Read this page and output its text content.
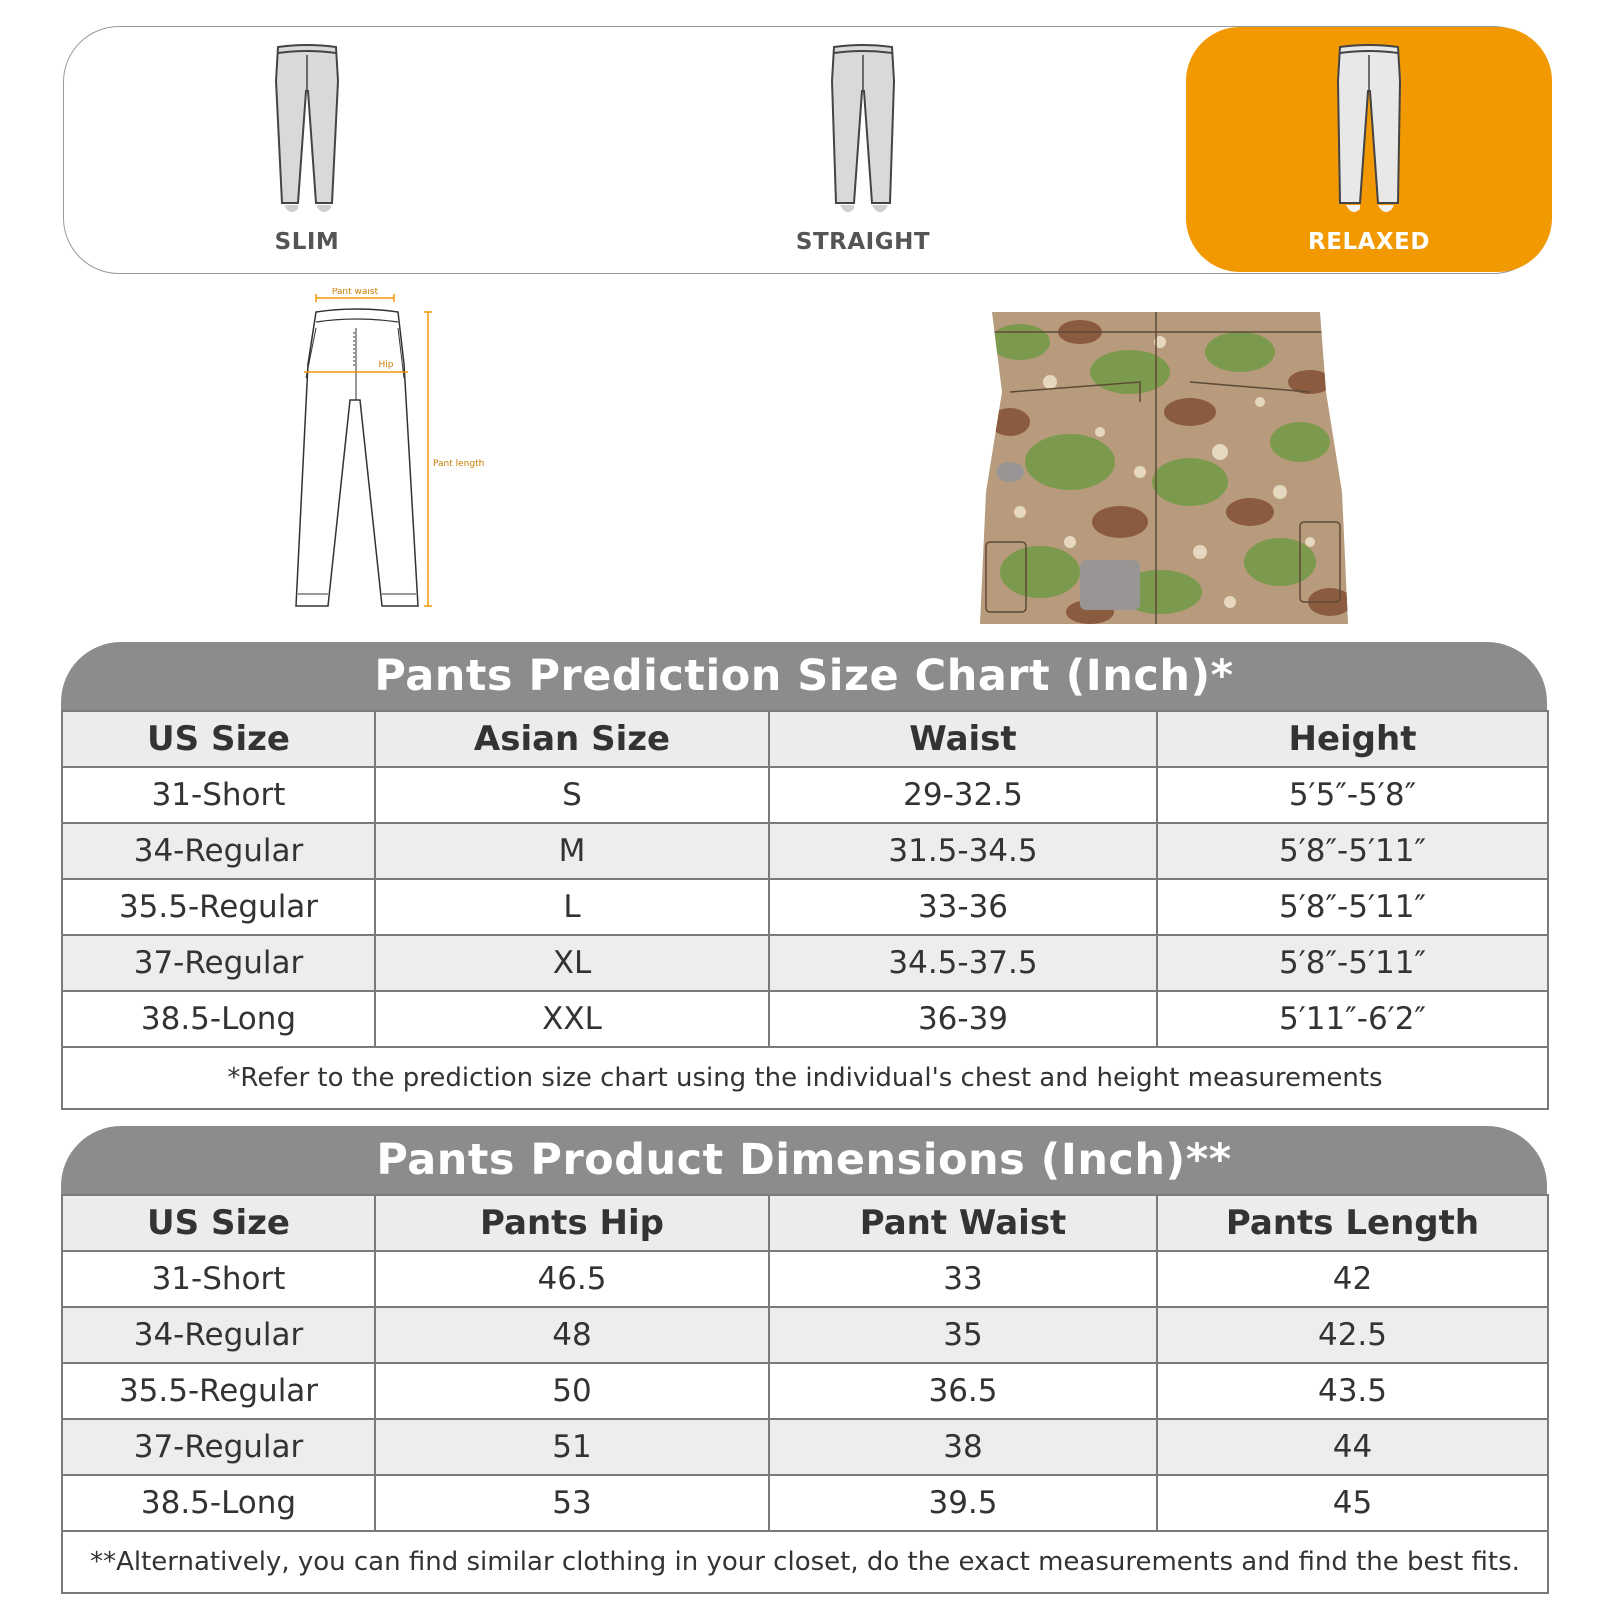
SLIM	STRAIGHT	RELAXED
Pant waist
Hip
Pant length
Pants Prediction Size Chart (Inch)*
US Size	Asian Size	Waist	Height
31-Short	S	29-32.5	5′5″-5′8″
34-Regular	M	31.5-34.5	5′8″-5′11″
35.5-Regular	L	33-36	5′8″-5′11″
37-Regular	XL	34.5-37.5	5′8″-5′11″
38.5-Long	XXL	36-39	5′11″-6′2″
*Refer to the prediction size chart using the individual's chest and height measurements			
Pants Product Dimensions (Inch)**
US Size	Pants Hip	Pant Waist	Pants Length
31-Short	46.5	33	42
34-Regular	48	35	42.5
35.5-Regular	50	36.5	43.5
37-Regular	51	38	44
38.5-Long	53	39.5	45
**Alternatively, you can find similar clothing in your closet, do the exact measurements and find the best fits.			
